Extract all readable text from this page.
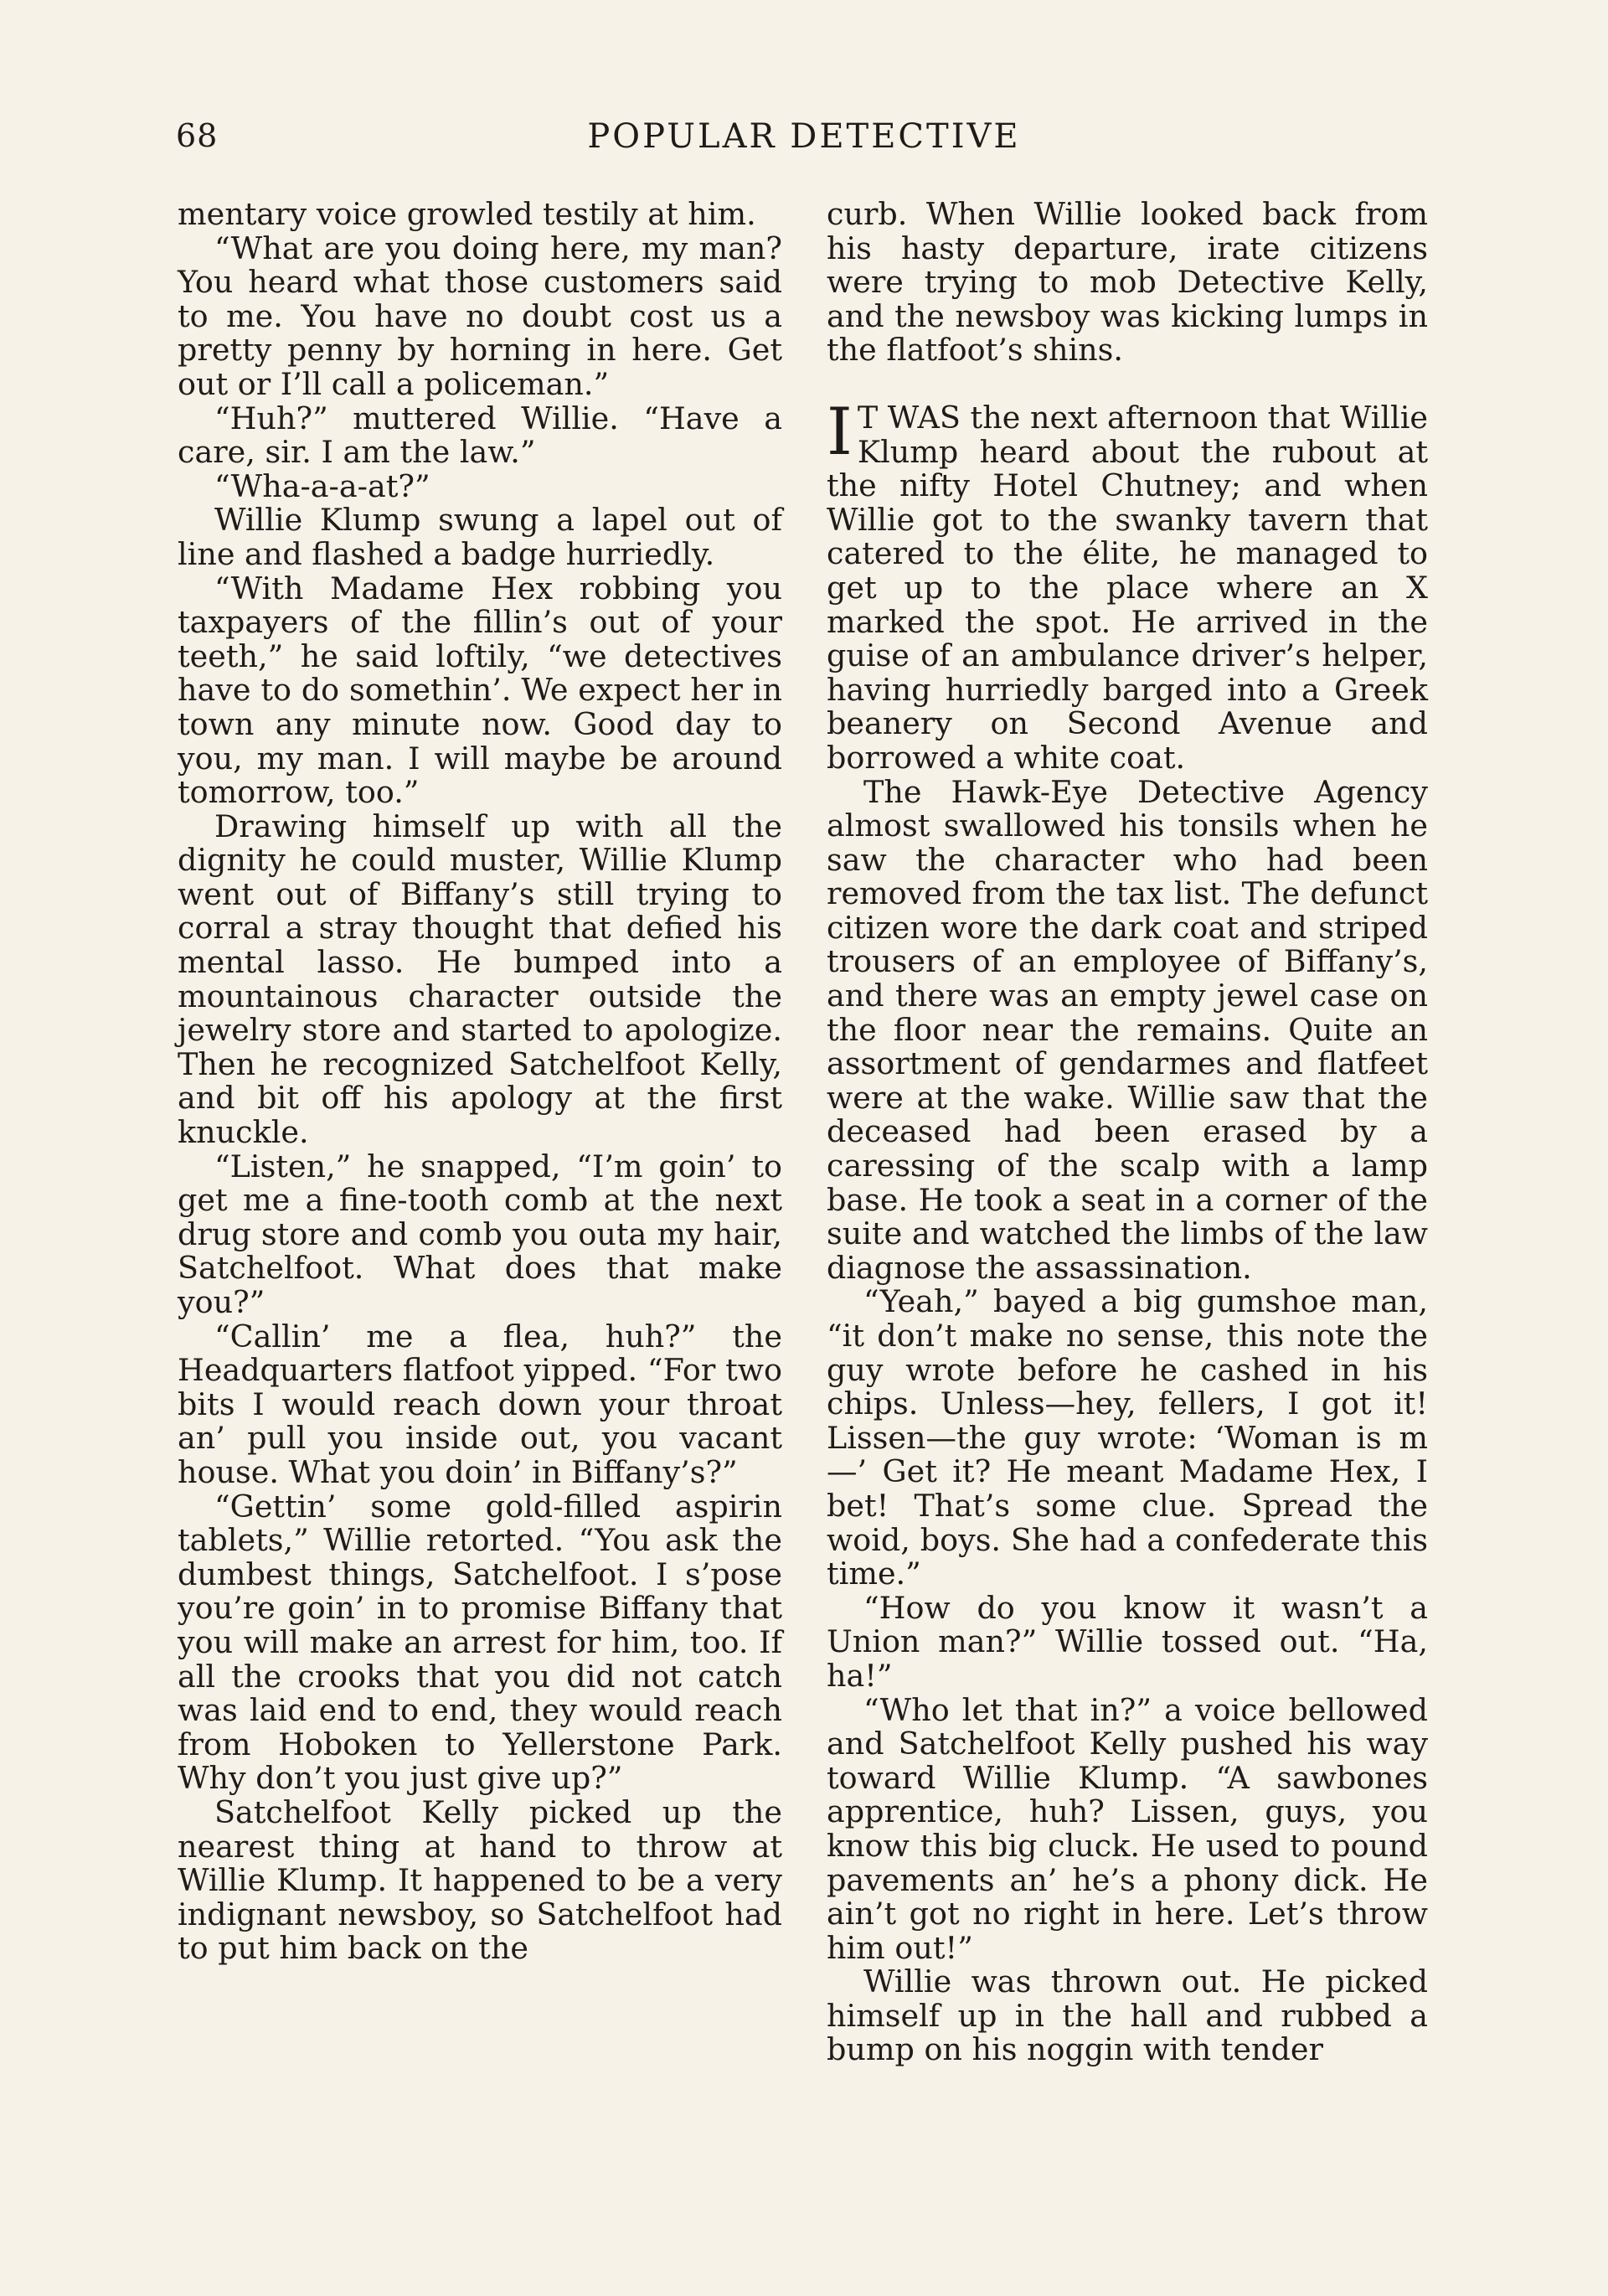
68	POPULAR DETECTIVE

mentary voice growled testily at him.

“What are you doing here, my man? You heard what those customers said to me. You have no doubt cost us a pretty penny by horning in here. Get out or I’ll call a policeman.”

“Huh?” muttered Willie. “Have a care, sir. I am the law.”

“Wha-a-a-at?”

Willie Klump swung a lapel out of line and flashed a badge hurriedly.

“With Madame Hex robbing you taxpayers of the fillin’s out of your teeth,” he said loftily, “we detectives have to do somethin’. We expect her in town any minute now. Good day to you, my man. I will maybe be around tomorrow, too.”

Drawing himself up with all the dignity he could muster, Willie Klump went out of Biffany’s still trying to corral a stray thought that defied his mental lasso. He bumped into a mountainous character outside the jewelry store and started to apologize. Then he recognized Satchelfoot Kelly, and bit off his apology at the first knuckle.

“Listen,” he snapped, “I’m goin’ to get me a fine-tooth comb at the next drug store and comb you outa my hair, Satchelfoot. What does that make you?”

“Callin’ me a flea, huh?” the Headquarters flatfoot yipped. “For two bits I would reach down your throat an’ pull you inside out, you vacant house. What you doin’ in Biffany’s?”

“Gettin’ some gold-filled aspirin tablets,” Willie retorted. “You ask the dumbest things, Satchelfoot. I s’pose you’re goin’ in to promise Biffany that you will make an arrest for him, too. If all the crooks that you did not catch was laid end to end, they would reach from Hoboken to Yellerstone Park. Why don’t you just give up?”

Satchelfoot Kelly picked up the nearest thing at hand to throw at Willie Klump. It happened to be a very indignant newsboy, so Satchelfoot had to put him back on the

curb. When Willie looked back from his hasty departure, irate citizens were trying to mob Detective Kelly, and the newsboy was kicking lumps in the flatfoot’s shins.

I T WAS the next afternoon that Willie Klump heard about the rubout at the nifty Hotel Chutney; and when Willie got to the swanky tavern that catered to the élite, he managed to get up to the place where an X marked the spot. He arrived in the guise of an ambulance driver’s helper, having hurriedly barged into a Greek beanery on Second Avenue and borrowed a white coat.

The Hawk-Eye Detective Agency almost swallowed his tonsils when he saw the character who had been removed from the tax list. The defunct citizen wore the dark coat and striped trousers of an employee of Biffany’s, and there was an empty jewel case on the floor near the remains. Quite an assortment of gendarmes and flatfeet were at the wake. Willie saw that the deceased had been erased by a caressing of the scalp with a lamp base. He took a seat in a corner of the suite and watched the limbs of the law diagnose the assassination.

“Yeah,” bayed a big gumshoe man, “it don’t make no sense, this note the guy wrote before he cashed in his chips. Unless—hey, fellers, I got it! Lissen—the guy wrote: ‘Woman is m—’ Get it? He meant Madame Hex, I bet! That’s some clue. Spread the woid, boys. She had a confederate this time.”

“How do you know it wasn’t a Union man?” Willie tossed out. “Ha, ha!”

“Who let that in?” a voice bellowed and Satchelfoot Kelly pushed his way toward Willie Klump. “A sawbones apprentice, huh? Lissen, guys, you know this big cluck. He used to pound pavements an’ he’s a phony dick. He ain’t got no right in here. Let’s throw him out!”

Willie was thrown out. He picked himself up in the hall and rubbed a bump on his noggin with tender
